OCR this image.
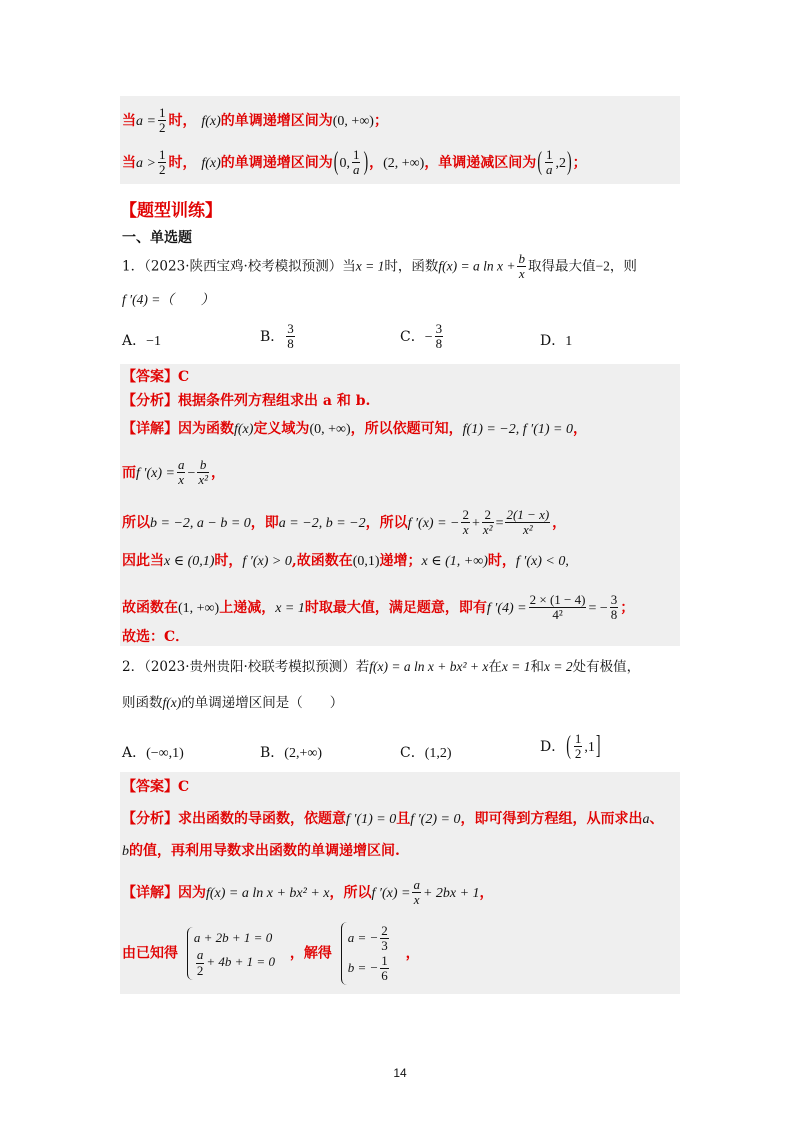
当$a = \frac{1}{2}$ 时， f(x)的单调递增区间为(0, +∞)；
当$a > \frac{1}{2}$ 时， f(x)的单调递增区间为(0, $\frac{1}{a}$ )，(2, +∞)，单调递减区间为( $\frac{1}{a} ,2$)；
【题型训练】
一、单选题
1．（2023·陕西宝鸡·校考模拟预测）当x = 1时，函数f(x) = a $\ln x + \frac{b}{x}$ 取得最大值−2，则
f ′(4) =（　　）
A．−1	B． $\frac{3}{8}$	C．− $\frac{3}{8}$	D．1
【答案】C
【分析】根据条件列方程组求出 a 和 b.
【详解】因为函数f(x)定义域为(0, +∞)，所以依题可知，f(1) = −2, f ′(1) = 0，
而f $'(x) = \frac{a}{x} - \frac{b}{\text{x²}}$ ，
所以b = −2, a − b = 0，即a = −2, b = −2，所以f ′(x) = − $\frac{2}{x} + \frac{2}{\text{x²}} = \frac{2(1 - x)}{\text{x²}}$ ，
因此当x ∈ (0,1)时，f ′(x) > 0,故函数在(0,1)递增；x ∈ (1, +∞)时，f ′(x) < 0,
故函数在(1, +∞)上递减，x = 1时取最大值，满足题意，即有f $'(4) = \frac{2 \times (1 - 4)}{\text{4²}}$ = − $\frac{3}{8}$ ；
故选：C．
2．（2023·贵州贵阳·校联考模拟预测）若f(x) = a ln x + bx² + x在x = 1和x = 2处有极值，
则函数f(x)的单调递增区间是（　　）
A．(−∞,1)	B．(2,+∞)	C．(1,2)	D．( $\frac{1}{2} ,1$]
【答案】C
【分析】求出函数的导函数，依题意f ′(1) = 0且f ′(2) = 0，即可得到方程组，从而求出a、
b的值，再利用导数求出函数的单调递增区间.
【详解】因为f(x) = a ln x + bx² + x，所以f $'(x) = \frac{a}{x} + 2bx + 1$，
由已知得
a + 2b + 1 = 0
$\frac{a}{2} + 4b + 1 = 0$ ，解得
a = − $\frac{2}{3}$
b = − $\frac{1}{6}$ ，
14
